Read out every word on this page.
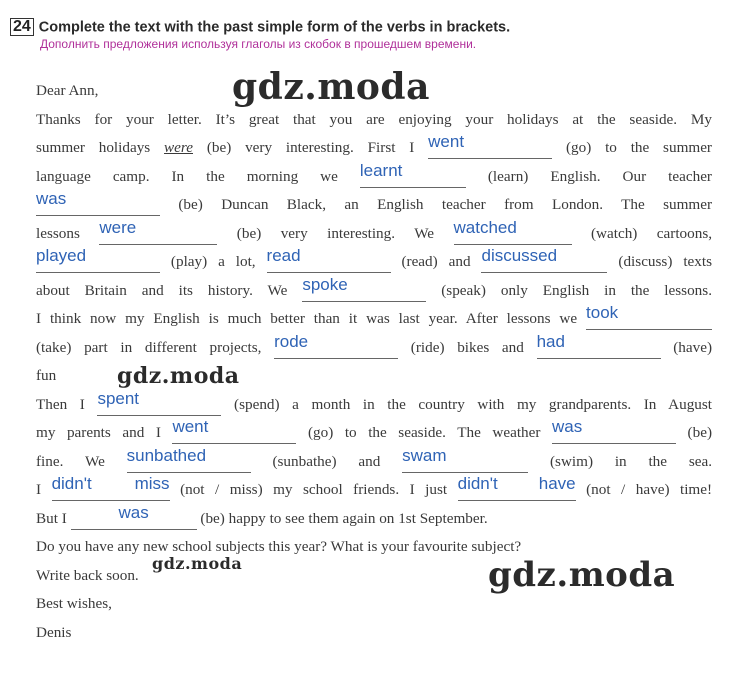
24 Complete the text with the past simple form of the verbs in brackets.
Дополнить предложения используя глаголы из скобок в прошедшем времени.
Dear Ann,
Thanks for your letter. It’s great that you are enjoying your holidays at the seaside. My
summer holidays were (be) very interesting. First I went	(go) to the summer
language camp. In the morning we learnt	(learn) English. Our teacher
was	(be) Duncan Black, an English teacher from London. The summer
lessons were	(be) very interesting. We watched	(watch) cartoons,
played	(play) a lot, read	(read) and discussed	(discuss) texts
about Britain and its history. We spoke	(speak) only English in the lessons.
I think now my English is much better than it was last year. After lessons we took
(take) part in different projects, rode	(ride) bikes and had	(have)
fun
Then I spent	(spend) a month in the country with my grandparents. In August
my parents and I went	(go) to the seaside. The weather was	(be)
fine. We sunbathed	(sunbathe) and swam	(swim) in the sea.
I didn't miss (not / miss) my school friends. I just didn't have (not / have) time!
But I	was	(be) happy to see them again on 1st September.
Do you have any new school subjects this year? What is your favourite subject?
Write back soon.
Best wishes,
Denis
gdz.moda
gdz.moda
gdz.moda	gdz.moda
